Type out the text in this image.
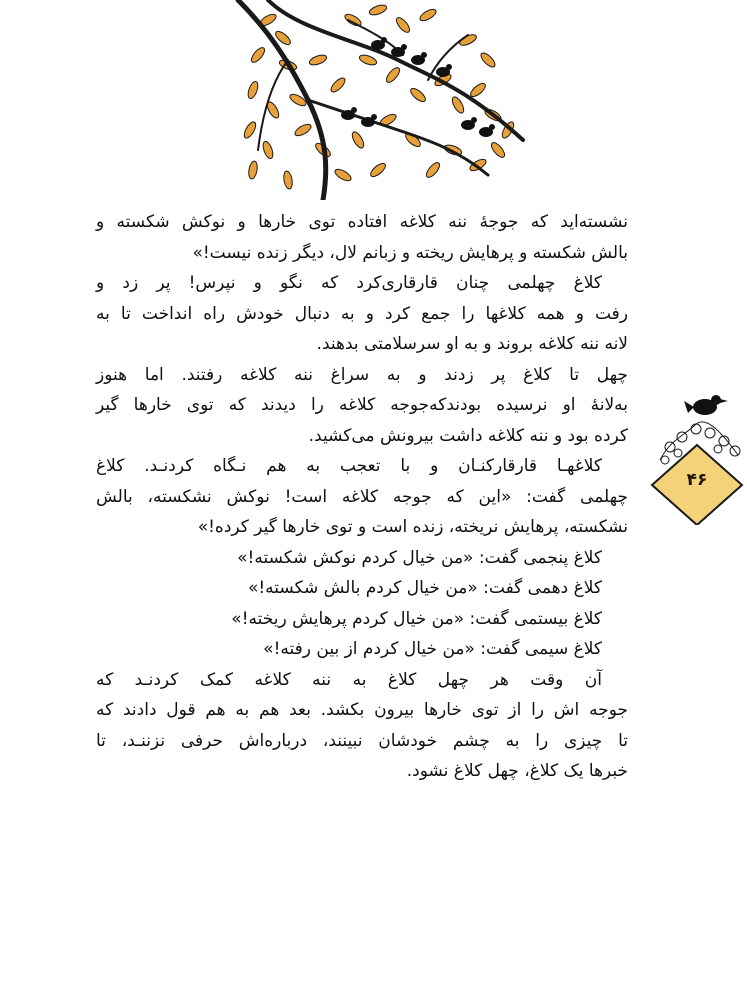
نشسته‌اید که جوجهٔ ننه کلاغه افتاده توی خارها و نوکش شکسته و
بالش شکسته و پرهایش ریخته و زبانم لال، دیگر زنده نیست!»
کلاغ چهلمی چنان قارقاری‌کرد که نگو و نپرس! پر زد و
رفت و همه کلاغها را جمع کرد و به دنبال خودش راه انداخت تا به
لانه ننه کلاغه بروند و به او سرسلامتی بدهند.
چهل تا کلاغ پر زدند و به سراغ ننه کلاغه رفتند. اما هنوز
به‌لانهٔ او نرسیده بودندکه‌جوجه کلاغه را دیدند که توی خارها گیر
کرده بود و ننه کلاغه داشت بیرونش می‌کشید.
کلاغهـا قارقارکنـان و با تعجب به هم نـگاه کردنـد. کلاغ
چهلمی گفت: «این که جوجه کلاغه است! نوکش نشکسته، بالش
نشکسته، پرهایش نریخته، زنده است و توی خارها گیر کرده!»
کلاغ پنجمی گفت: «من خیال کردم نوکش شکسته!»
کلاغ دهمی گفت: «من خیال کردم بالش شکسته!»
کلاغ بیستمی گفت: «من خیال کردم پرهایش ریخته!»
کلاغ سیمی گفت: «من خیال کردم از بین رفته!»
آن وقت هر چهل کلاغ به ننه کلاغه کمک کردنـد که
جوجه اش را از توی خارها بیرون بکشد. بعد هم به هم قول دادند که
تا چیزی را به چشم خودشان نبینند، درباره‌اش حرفی نزننـد، تا
خبرها یک کلاغ، چهل کلاغ نشود.
۴۶
